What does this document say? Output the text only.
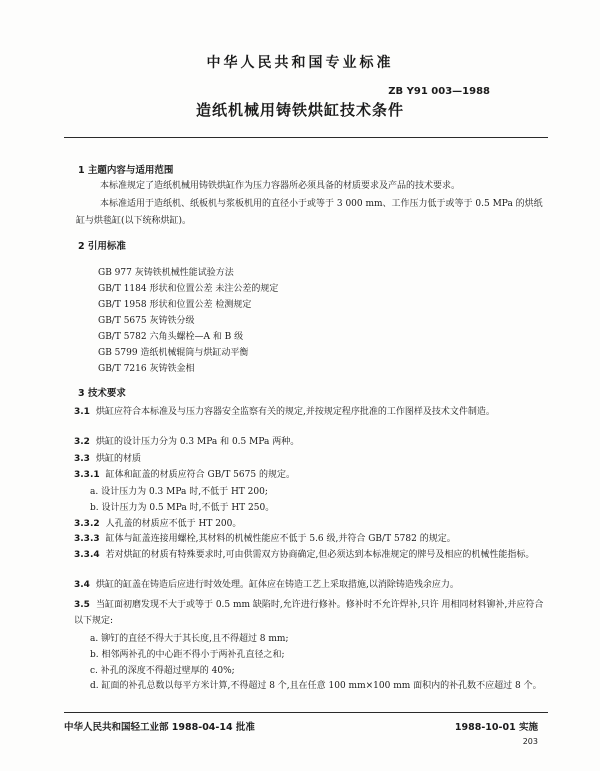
中华人民共和国专业标准
ZB Y91 003—1988
造纸机械用铸铁烘缸技术条件
1 主题内容与适用范围
本标准规定了造纸机械用铸铁烘缸作为压力容器所必须具备的材质要求及产品的技术要求。
本标准适用于造纸机、纸板机与浆板机用的直径小于或等于 3 000 mm、工作压力低于或等于 0.5 MPa 的烘纸缸与烘毯缸(以下统称烘缸)。
2 引用标准
GB 977 灰铸铁机械性能试验方法
GB/T 1184 形状和位置公差 未注公差的规定
GB/T 1958 形状和位置公差 检测规定
GB/T 5675 灰铸铁分级
GB/T 5782 六角头螺栓—A 和 B 级
GB 5799 造纸机械辊筒与烘缸动平衡
GB/T 7216 灰铸铁金相
3 技术要求
3.1 烘缸应符合本标准及与压力容器安全监察有关的规定,并按规定程序批准的工作图样及技术文件制造。
3.2 烘缸的设计压力分为 0.3 MPa 和 0.5 MPa 两种。
3.3 烘缸的材质
3.3.1 缸体和缸盖的材质应符合 GB/T 5675 的规定。
a. 设计压力为 0.3 MPa 时,不低于 HT 200;
b. 设计压力为 0.5 MPa 时,不低于 HT 250。
3.3.2 人孔盖的材质应不低于 HT 200。
3.3.3 缸体与缸盖连接用螺栓,其材料的机械性能应不低于 5.6 级,并符合 GB/T 5782 的规定。
3.3.4 若对烘缸的材质有特殊要求时,可由供需双方协商确定,但必须达到本标准规定的牌号及相应的机械性能指标。
3.4 烘缸的缸盖在铸造后应进行时效处理。缸体应在铸造工艺上采取措施,以消除铸造残余应力。
3.5 当缸面初磨发现不大于或等于 0.5 mm 缺陷时,允许进行修补。修补时不允许焊补,只许 用相同材料铆补,并应符合以下规定:
a. 铆钉的直径不得大于其长度,且不得超过 8 mm;
b. 相邻两补孔的中心距不得小于两补孔直径之和;
c. 补孔的深度不得超过壁厚的 40%;
d. 缸面的补孔总数以每平方米计算,不得超过 8 个,且在任意 100 mm×100 mm 面积内的补孔数不应超过 8 个。
中华人民共和国轻工业部 1988-04-14 批准	1988-10-01 实施
203
